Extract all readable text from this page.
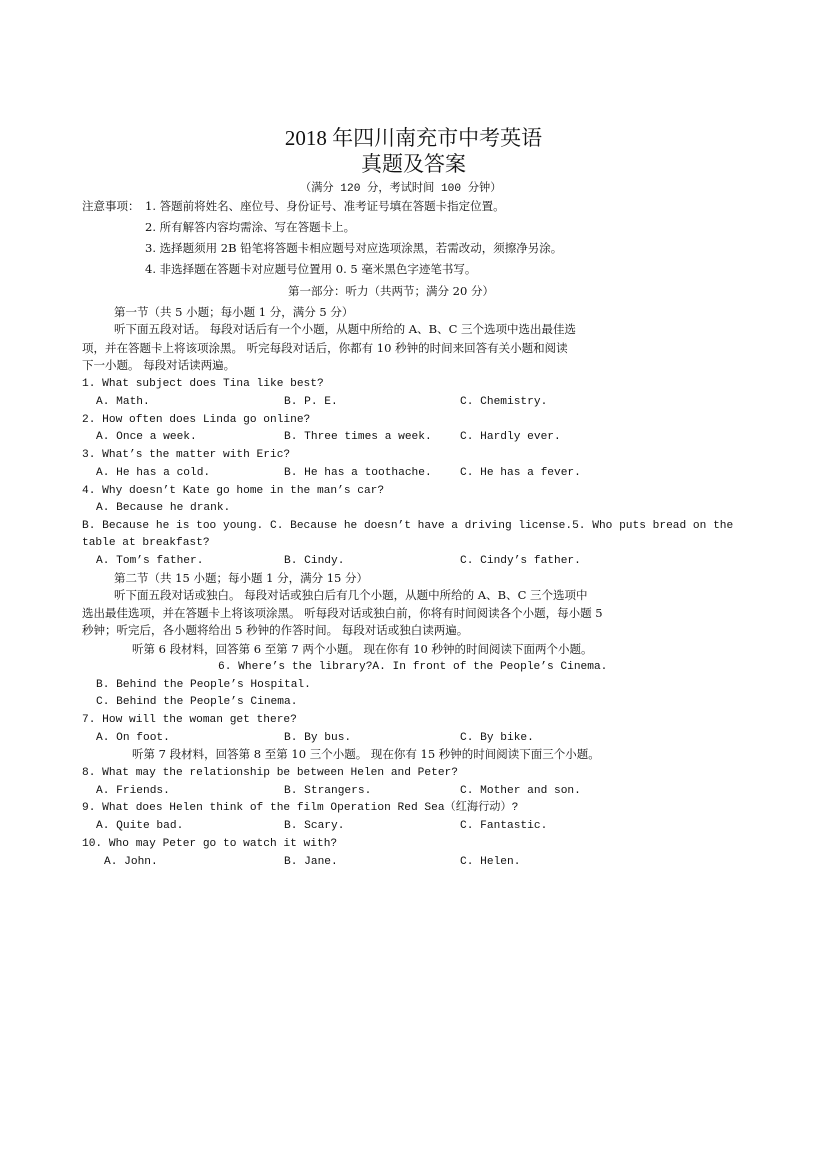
2018 年四川南充市中考英语
真题及答案
（满分 120 分，考试时间 100 分钟）
注意事项： 1. 答题前将姓名、座位号、身份证号、准考证号填在答题卡指定位置。
2. 所有解答内容均需涂、写在答题卡上。
3. 选择题须用 2B 铅笔将答题卡相应题号对应选项涂黑，若需改动，须擦净另涂。
4. 非选择题在答题卡对应题号位置用 0. 5 毫米黑色字迹笔书写。
第一部分：听力（共两节；满分 20 分）
第一节（共 5 小题；每小题 1 分，满分 5 分）
听下面五段对话。 每段对话后有一个小题，从题中所给的 A、B、C 三个选项中选出最佳选
项，并在答题卡上将该项涂黑。 听完每段对话后，你都有 10 秒钟的时间来回答有关小题和阅读
下一小题。 每段对话读两遍。
1. What subject does Tina like best?
A. Math.	B. P. E.	C. Chemistry.
2. How often does Linda go online?
A. Once a week.	B. Three times a week.	C. Hardly ever.
3. What’s the matter with Eric?
A. He has a cold.	B. He has a toothache.	C. He has a fever.
4. Why doesn’t Kate go home in the man’s car?
A. Because he drank.
B. Because he is too young. C. Because he doesn’t have a driving license.5. Who puts bread on the table at breakfast?
A. Tom’s father.	B. Cindy.	C. Cindy’s father.
第二节（共 15 小题；每小题 1 分，满分 15 分）
听下面五段对话或独白。 每段对话或独白后有几个小题，从题中所给的 A、B、C 三个选项中
选出最佳选项，并在答题卡上将该项涂黑。 听每段对话或独白前，你将有时间阅读各个小题，每小题 5
秒钟；听完后，各小题将给出 5 秒钟的作答时间。 每段对话或独白读两遍。
听第 6 段材料，回答第 6 至第 7 两个小题。 现在你有 10 秒钟的时间阅读下面两个小题。
6. Where’s the library?A. In front of the People’s Cinema.
B. Behind the People’s Hospital.
C. Behind the People’s Cinema.
7. How will the woman get there?
A. On foot.	B. By bus.	C. By bike.
听第 7 段材料，回答第 8 至第 10 三个小题。 现在你有 15 秒钟的时间阅读下面三个小题。
8. What may the relationship be between Helen and Peter?
A. Friends.	B. Strangers.	C. Mother and son.
9. What does Helen think of the film Operation Red Sea（红海行动）?
A. Quite bad.	B. Scary.	C. Fantastic.
10. Who may Peter go to watch it with?
A. John.	B. Jane.	C. Helen.
